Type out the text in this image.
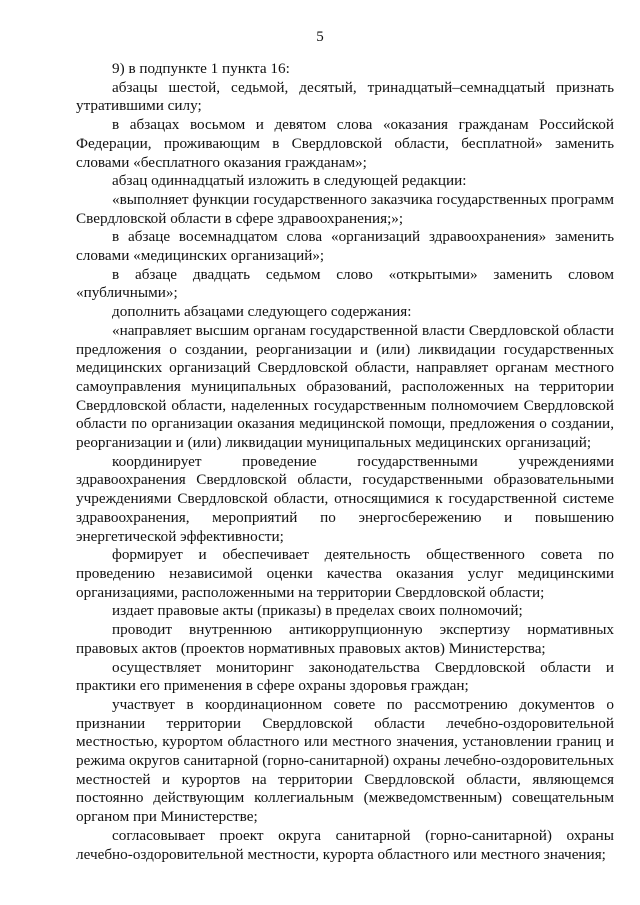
5

9) в подпункте 1 пункта 16:

абзацы шестой, седьмой, десятый, тринадцатый–семнадцатый признать утратившими силу;

в абзацах восьмом и девятом слова «оказания гражданам Российской Федерации, проживающим в Свердловской области, бесплатной» заменить словами «бесплатного оказания гражданам»;

абзац одиннадцатый изложить в следующей редакции:

«выполняет функции государственного заказчика государственных программ Свердловской области в сфере здравоохранения;»;

в абзаце восемнадцатом слова «организаций здравоохранения» заменить словами «медицинских организаций»;

в абзаце двадцать седьмом слово «открытыми» заменить словом «публичными»;

дополнить абзацами следующего содержания:

«направляет высшим органам государственной власти Свердловской области предложения о создании, реорганизации и (или) ликвидации государственных медицинских организаций Свердловской области, направляет органам местного самоуправления муниципальных образований, расположенных на территории Свердловской области, наделенных государственным полномочием Свердловской области по организации оказания медицинской помощи, предложения о создании, реорганизации и (или) ликвидации муниципальных медицинских организаций;

координирует проведение государственными учреждениями здравоохранения Свердловской области, государственными образовательными учреждениями Свердловской области, относящимися к государственной системе здравоохранения, мероприятий по энергосбережению и повышению энергетической эффективности;

формирует и обеспечивает деятельность общественного совета по проведению независимой оценки качества оказания услуг медицинскими организациями, расположенными на территории Свердловской области;

издает правовые акты (приказы) в пределах своих полномочий;

проводит внутреннюю антикоррупционную экспертизу нормативных правовых актов (проектов нормативных правовых актов) Министерства;

осуществляет мониторинг законодательства Свердловской области и практики его применения в сфере охраны здоровья граждан;

участвует в координационном совете по рассмотрению документов о признании территории Свердловской области лечебно-оздоровительной местностью, курортом областного или местного значения, установлении границ и режима округов санитарной (горно-санитарной) охраны лечебно-оздоровительных местностей и курортов на территории Свердловской области, являющемся постоянно действующим коллегиальным (межведомственным) совещательным органом при Министерстве;

согласовывает проект округа санитарной (горно-санитарной) охраны лечебно-оздоровительной местности, курорта областного или местного значения;
